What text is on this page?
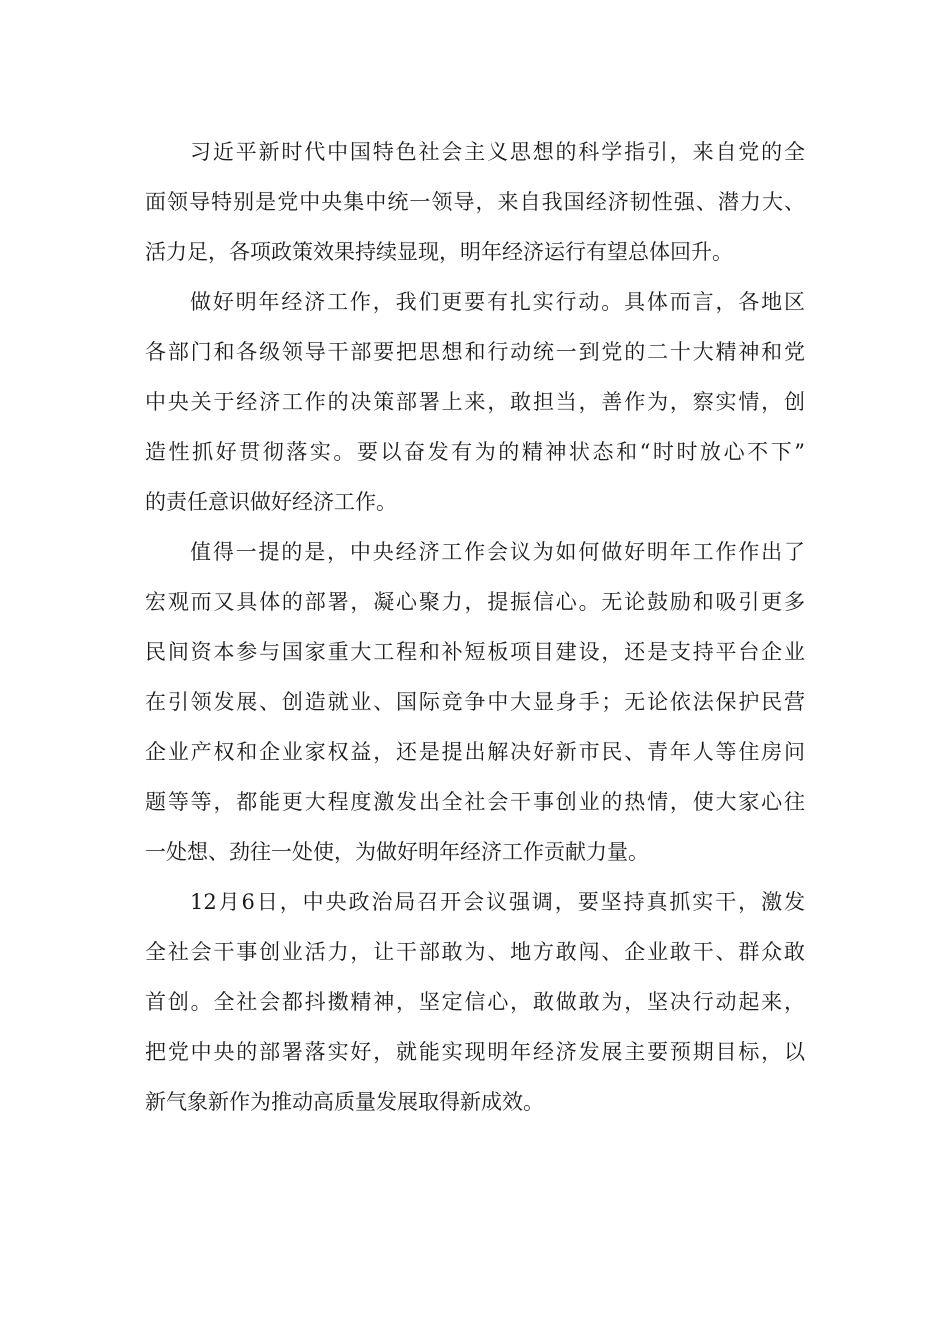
习近平新时代中国特色社会主义思想的科学指引，来自党的全
面领导特别是党中央集中统一领导，来自我国经济韧性强、潜力大、
活力足，各项政策效果持续显现，明年经济运行有望总体回升。
做好明年经济工作，我们更要有扎实行动。具体而言，各地区
各部门和各级领导干部要把思想和行动统一到党的二十大精神和党
中央关于经济工作的决策部署上来，敢担当，善作为，察实情，创
造性抓好贯彻落实。要以奋发有为的精神状态和“时时放心不下”
的责任意识做好经济工作。
值得一提的是，中央经济工作会议为如何做好明年工作作出了
宏观而又具体的部署，凝心聚力，提振信心。无论鼓励和吸引更多
民间资本参与国家重大工程和补短板项目建设，还是支持平台企业
在引领发展、创造就业、国际竞争中大显身手；无论依法保护民营
企业产权和企业家权益，还是提出解决好新市民、青年人等住房问
题等等，都能更大程度激发出全社会干事创业的热情，使大家心往
一处想、劲往一处使，为做好明年经济工作贡献力量。
12月6日，中央政治局召开会议强调，要坚持真抓实干，激发
全社会干事创业活力，让干部敢为、地方敢闯、企业敢干、群众敢
首创。全社会都抖擞精神，坚定信心，敢做敢为，坚决行动起来，
把党中央的部署落实好，就能实现明年经济发展主要预期目标，以
新气象新作为推动高质量发展取得新成效。
